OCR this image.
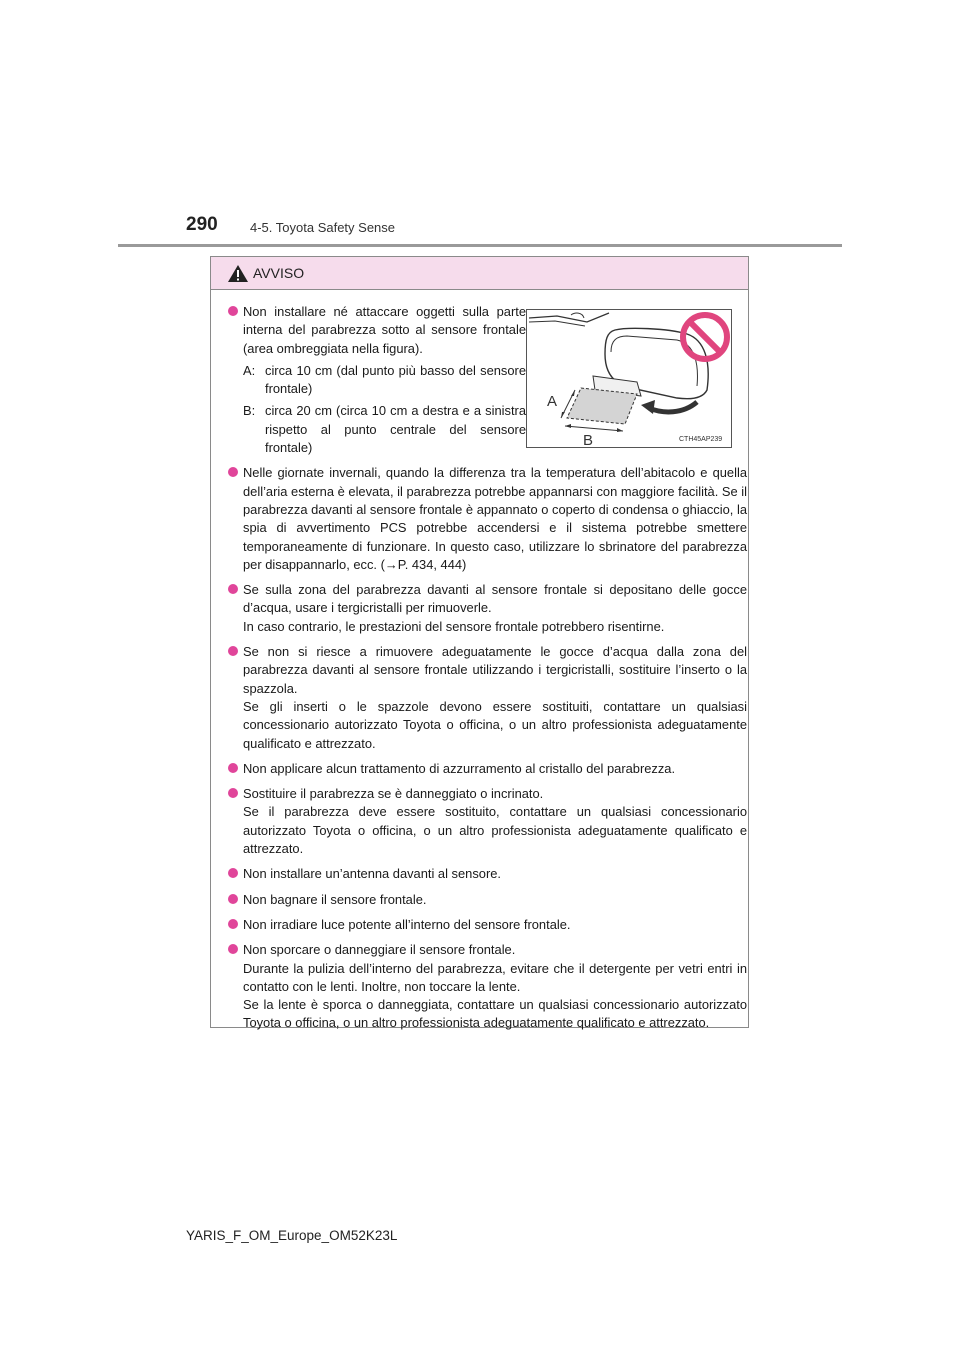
290 4-5. Toyota Safety Sense
AVVISO
A
B	CTH45AP239

Non installare né attaccare oggetti sulla parte interna del parabrezza sotto al sensore frontale (area ombreggiata nella figura).

A: circa 10 cm (dal punto più basso del sensore frontale)
B: circa 20 cm (circa 10 cm a destra e a sinistra rispetto al punto centrale del sensore frontale)

Nelle giornate invernali, quando la differenza tra la temperatura dell’abitacolo e quella dell’aria esterna è elevata, il parabrezza potrebbe appannarsi con maggiore facilità. Se il parabrezza davanti al sensore frontale è appannato o coperto di condensa o ghiaccio, la spia di avvertimento PCS potrebbe accendersi e il sistema potrebbe smettere temporaneamente di funzionare. In questo caso, utilizzare lo sbrinatore del parabrezza per disappannarlo, ecc. (→P. 434, 444)

Se sulla zona del parabrezza davanti al sensore frontale si depositano delle gocce d’acqua, usare i tergicristalli per rimuoverle.

In caso contrario, le prestazioni del sensore frontale potrebbero risentirne.

Se non si riesce a rimuovere adeguatamente le gocce d’acqua dalla zona del parabrezza davanti al sensore frontale utilizzando i tergicristalli, sostituire l’inserto o la spazzola.

Se gli inserti o le spazzole devono essere sostituiti, contattare un qualsiasi concessionario autorizzato Toyota o officina, o un altro professionista adeguatamente qualificato e attrezzato.

Non applicare alcun trattamento di azzurramento al cristallo del parabrezza.

Sostituire il parabrezza se è danneggiato o incrinato.

Se il parabrezza deve essere sostituito, contattare un qualsiasi concessionario autorizzato Toyota o officina, o un altro professionista adeguatamente qualificato e attrezzato.

Non installare un’antenna davanti al sensore.

Non bagnare il sensore frontale.

Non irradiare luce potente all’interno del sensore frontale.

Non sporcare o danneggiare il sensore frontale.

Durante la pulizia dell’interno del parabrezza, evitare che il detergente per vetri entri in contatto con le lenti. Inoltre, non toccare la lente.

Se la lente è sporca o danneggiata, contattare un qualsiasi concessionario autorizzato Toyota o officina, o un altro professionista adeguatamente qualificato e attrezzato.

YARIS_F_OM_Europe_OM52K23L
